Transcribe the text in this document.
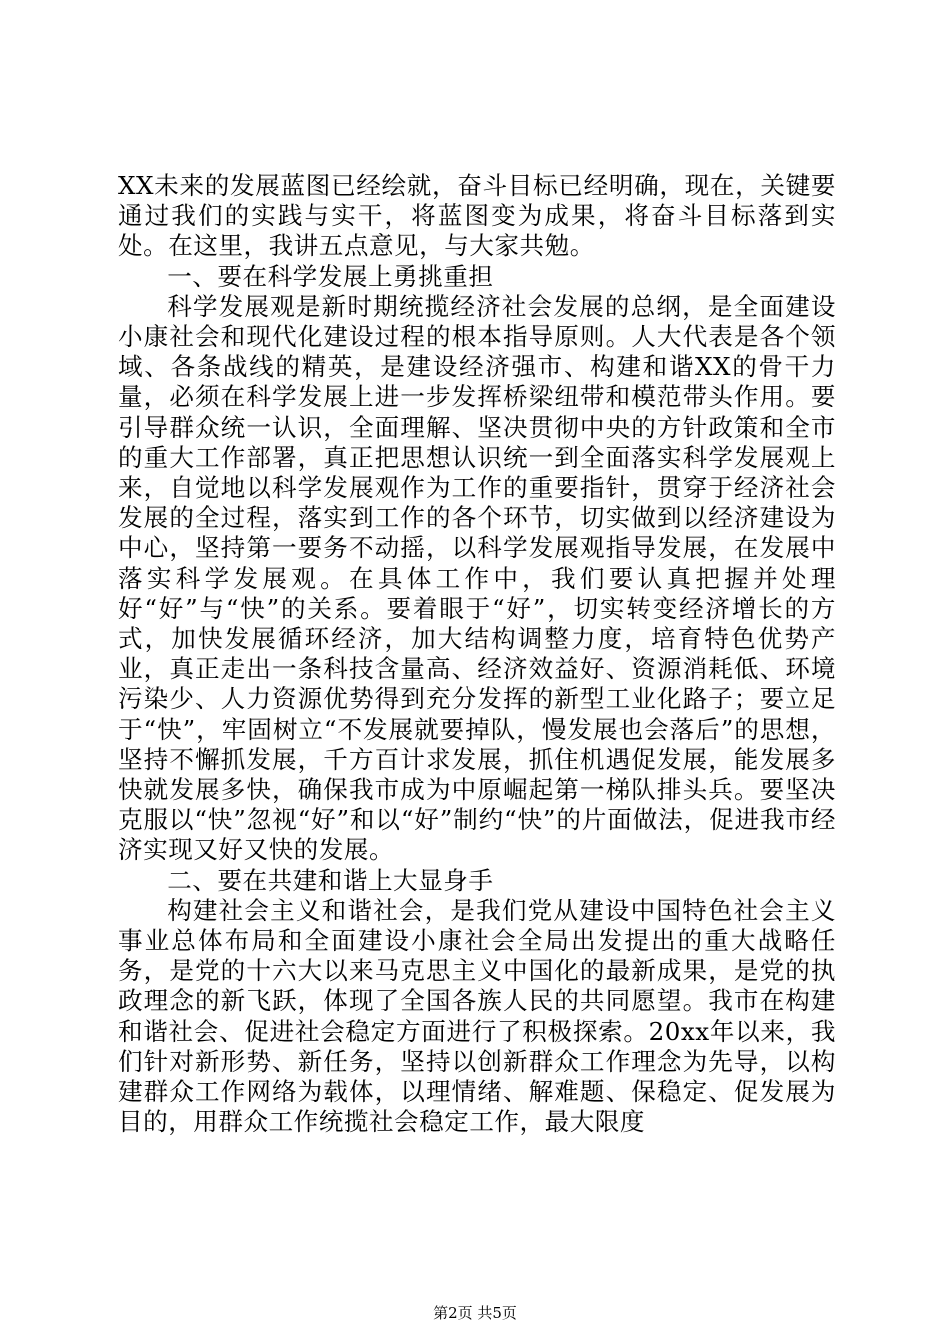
XX未来的发展蓝图已经绘就，奋斗目标已经明确，现在，关键要通过我们的实践与实干，将蓝图变为成果，将奋斗目标落到实处。在这里，我讲五点意见，与大家共勉。

一、要在科学发展上勇挑重担

科学发展观是新时期统揽经济社会发展的总纲，是全面建设小康社会和现代化建设过程的根本指导原则。人大代表是各个领域、各条战线的精英，是建设经济强市、构建和谐XX的骨干力量，必须在科学发展上进一步发挥桥梁纽带和模范带头作用。要引导群众统一认识，全面理解、坚决贯彻中央的方针政策和全市的重大工作部署，真正把思想认识统一到全面落实科学发展观上来，自觉地以科学发展观作为工作的重要指针，贯穿于经济社会发展的全过程，落实到工作的各个环节，切实做到以经济建设为中心，坚持第一要务不动摇，以科学发展观指导发展，在发展中落实科学发展观。在具体工作中，我们要认真把握并处理好“好”与“快”的关系。要着眼于“好”，切实转变经济增长的方式，加快发展循环经济，加大结构调整力度，培育特色优势产业，真正走出一条科技含量高、经济效益好、资源消耗低、环境污染少、人力资源优势得到充分发挥的新型工业化路子；要立足于“快”，牢固树立“不发展就要掉队，慢发展也会落后”的思想，坚持不懈抓发展，千方百计求发展，抓住机遇促发展，能发展多快就发展多快，确保我市成为中原崛起第一梯队排头兵。要坚决克服以“快”忽视“好”和以“好”制约“快”的片面做法，促进我市经济实现又好又快的发展。

二、要在共建和谐上大显身手

构建社会主义和谐社会，是我们党从建设中国特色社会主义事业总体布局和全面建设小康社会全局出发提出的重大战略任务，是党的十六大以来马克思主义中国化的最新成果，是党的执政理念的新飞跃，体现了全国各族人民的共同愿望。我市在构建和谐社会、促进社会稳定方面进行了积极探索。20xx年以来，我们针对新形势、新任务，坚持以创新群众工作理念为先导，以构建群众工作网络为载体，以理情绪、解难题、保稳定、促发展为目的，用群众工作统揽社会稳定工作，最大限度

第2页 共5页
